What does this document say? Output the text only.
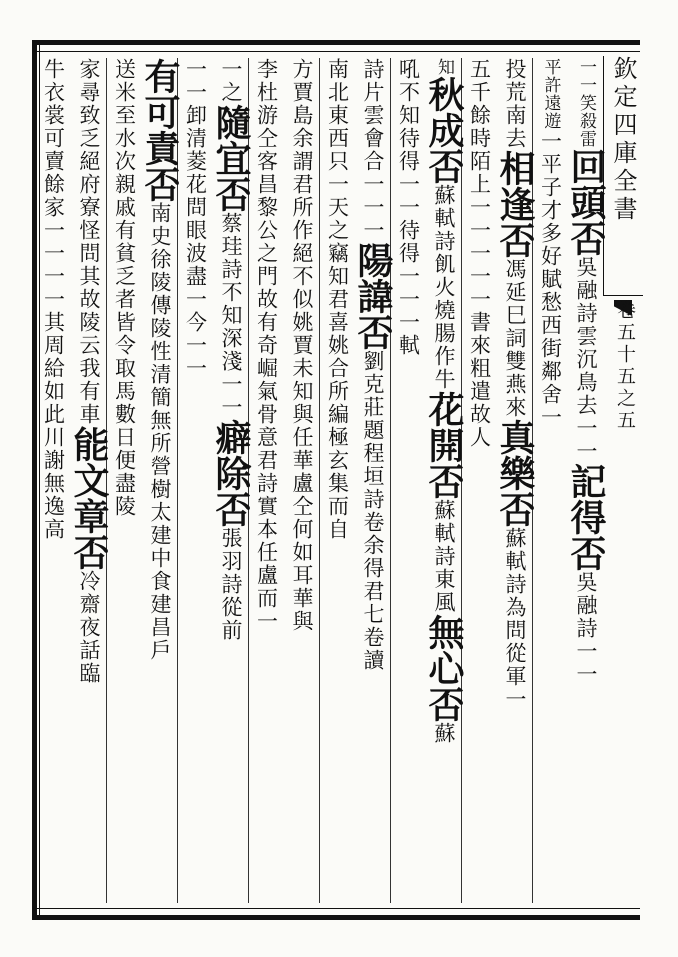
欽定四庫全書
卷五十五之五
一一笑殺雷回頭否吳融詩雲沉鳥去一一記得否吳融詩一一
平許遠遊一平子才多好賦愁西街鄰舍一
投荒南去相逢否馮延巳詞雙燕來真樂否蘇軾詩為問從軍一
五千餘時陌上一一一一一書來粗遣故人
知秋成否蘇軾詩飢火燒腸作牛花開否蘇軾詩東風無心否蘇
吼不知待得一一待得一一一軾
詩片雲會合一一一陽諱否劉克莊題程垣詩卷余得君七卷讀
南北東西只一天之竊知君喜姚合所編極玄集而自
方賈島余謂君所作絕不似姚賈未知與任華盧仝何如耳華與
李杜游仝客昌黎公之門故有奇崛氣骨意君詩實本任盧而一
一之隨宜否蔡珪詩不知深淺一一癖除否張羽詩從前
一一卸清菱花問眼波盡一今一一
有可責否南史徐陵傳陵性清簡無所營樹太建中食建昌戶
送米至水次親戚有貧乏者皆令取馬數日便盡陵
家尋致乏絕府寮怪問其故陵云我有車能文章否冷齋夜話臨
牛衣裳可賣餘家一一一一其周給如此川謝無逸高
